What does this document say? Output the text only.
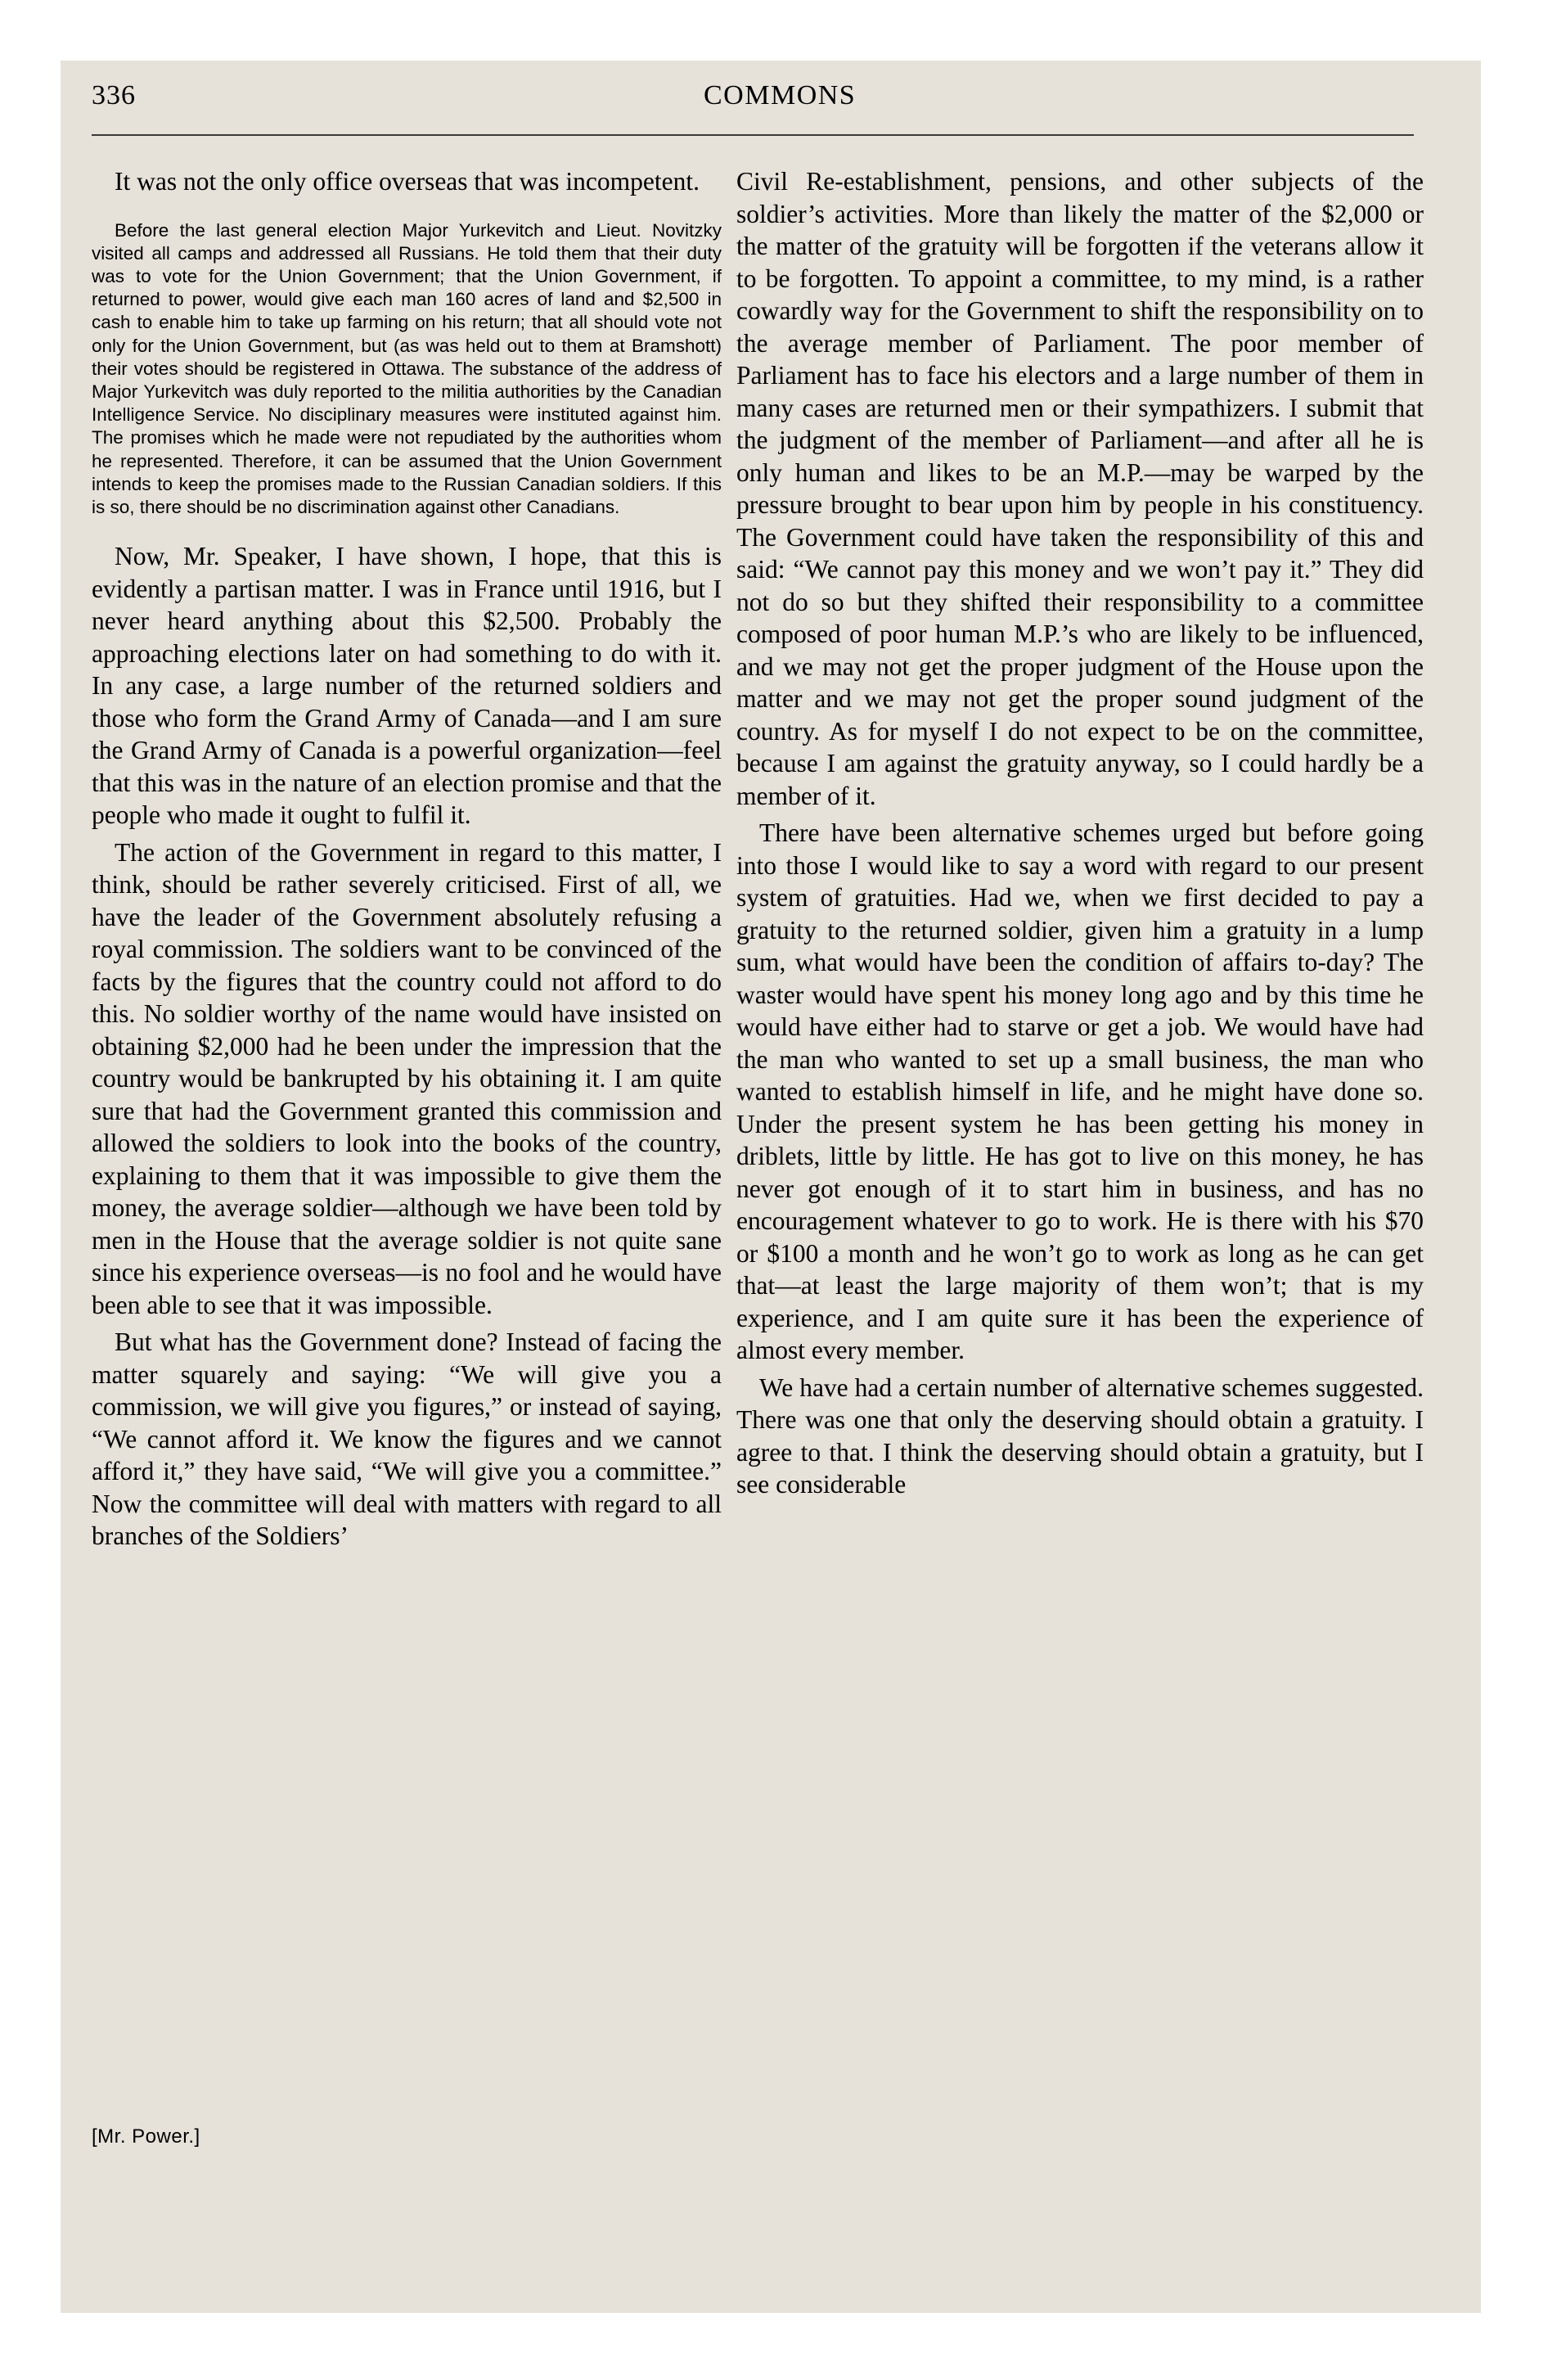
336	COMMONS

It was not the only office overseas that was incompetent.

Before the last general election Major Yurkevitch and Lieut. Novitzky visited all camps and addressed all Russians. He told them that their duty was to vote for the Union Government; that the Union Government, if returned to power, would give each man 160 acres of land and $2,500 in cash to enable him to take up farming on his return; that all should vote not only for the Union Government, but (as was held out to them at Bramshott) their votes should be registered in Ottawa. The substance of the address of Major Yurkevitch was duly reported to the militia authorities by the Canadian Intelligence Service. No disciplinary measures were instituted against him. The promises which he made were not repudiated by the authorities whom he represented. Therefore, it can be assumed that the Union Government intends to keep the promises made to the Russian Canadian soldiers. If this is so, there should be no discrimination against other Canadians.

Now, Mr. Speaker, I have shown, I hope, that this is evidently a partisan matter. I was in France until 1916, but I never heard anything about this $2,500. Probably the approaching elections later on had something to do with it. In any case, a large number of the returned soldiers and those who form the Grand Army of Canada—and I am sure the Grand Army of Canada is a powerful organization—feel that this was in the nature of an election promise and that the people who made it ought to fulfil it.

The action of the Government in regard to this matter, I think, should be rather severely criticised. First of all, we have the leader of the Government absolutely refusing a royal commission. The soldiers want to be convinced of the facts by the figures that the country could not afford to do this. No soldier worthy of the name would have insisted on obtaining $2,000 had he been under the impression that the country would be bankrupted by his obtaining it. I am quite sure that had the Government granted this commission and allowed the soldiers to look into the books of the country, explaining to them that it was impossible to give them the money, the average soldier—although we have been told by men in the House that the average soldier is not quite sane since his experience overseas—is no fool and he would have been able to see that it was impossible.

But what has the Government done? Instead of facing the matter squarely and saying: “We will give you a commission, we will give you figures,” or instead of saying, “We cannot afford it. We know the figures and we cannot afford it,” they have said, “We will give you a committee.” Now the committee will deal with matters with regard to all branches of the Soldiers’

Civil Re-establishment, pensions, and other subjects of the soldier’s activities. More than likely the matter of the $2,000 or the matter of the gratuity will be forgotten if the veterans allow it to be forgotten. To appoint a committee, to my mind, is a rather cowardly way for the Government to shift the responsibility on to the average member of Parliament. The poor member of Parliament has to face his electors and a large number of them in many cases are returned men or their sympathizers. I submit that the judgment of the member of Parliament—and after all he is only human and likes to be an M.P.—may be warped by the pressure brought to bear upon him by people in his constituency. The Government could have taken the responsibility of this and said: “We cannot pay this money and we won’t pay it.” They did not do so but they shifted their responsibility to a committee composed of poor human M.P.’s who are likely to be influenced, and we may not get the proper judgment of the House upon the matter and we may not get the proper sound judgment of the country. As for myself I do not expect to be on the committee, because I am against the gratuity anyway, so I could hardly be a member of it.

There have been alternative schemes urged but before going into those I would like to say a word with regard to our present system of gratuities. Had we, when we first decided to pay a gratuity to the returned soldier, given him a gratuity in a lump sum, what would have been the condition of affairs to-day? The waster would have spent his money long ago and by this time he would have either had to starve or get a job. We would have had the man who wanted to set up a small business, the man who wanted to establish himself in life, and he might have done so. Under the present system he has been getting his money in driblets, little by little. He has got to live on this money, he has never got enough of it to start him in business, and has no encouragement whatever to go to work. He is there with his $70 or $100 a month and he won’t go to work as long as he can get that—at least the large majority of them won’t; that is my experience, and I am quite sure it has been the experience of almost every member.

We have had a certain number of alternative schemes suggested. There was one that only the deserving should obtain a gratuity. I agree to that. I think the deserving should obtain a gratuity, but I see considerable

[Mr. Power.]
